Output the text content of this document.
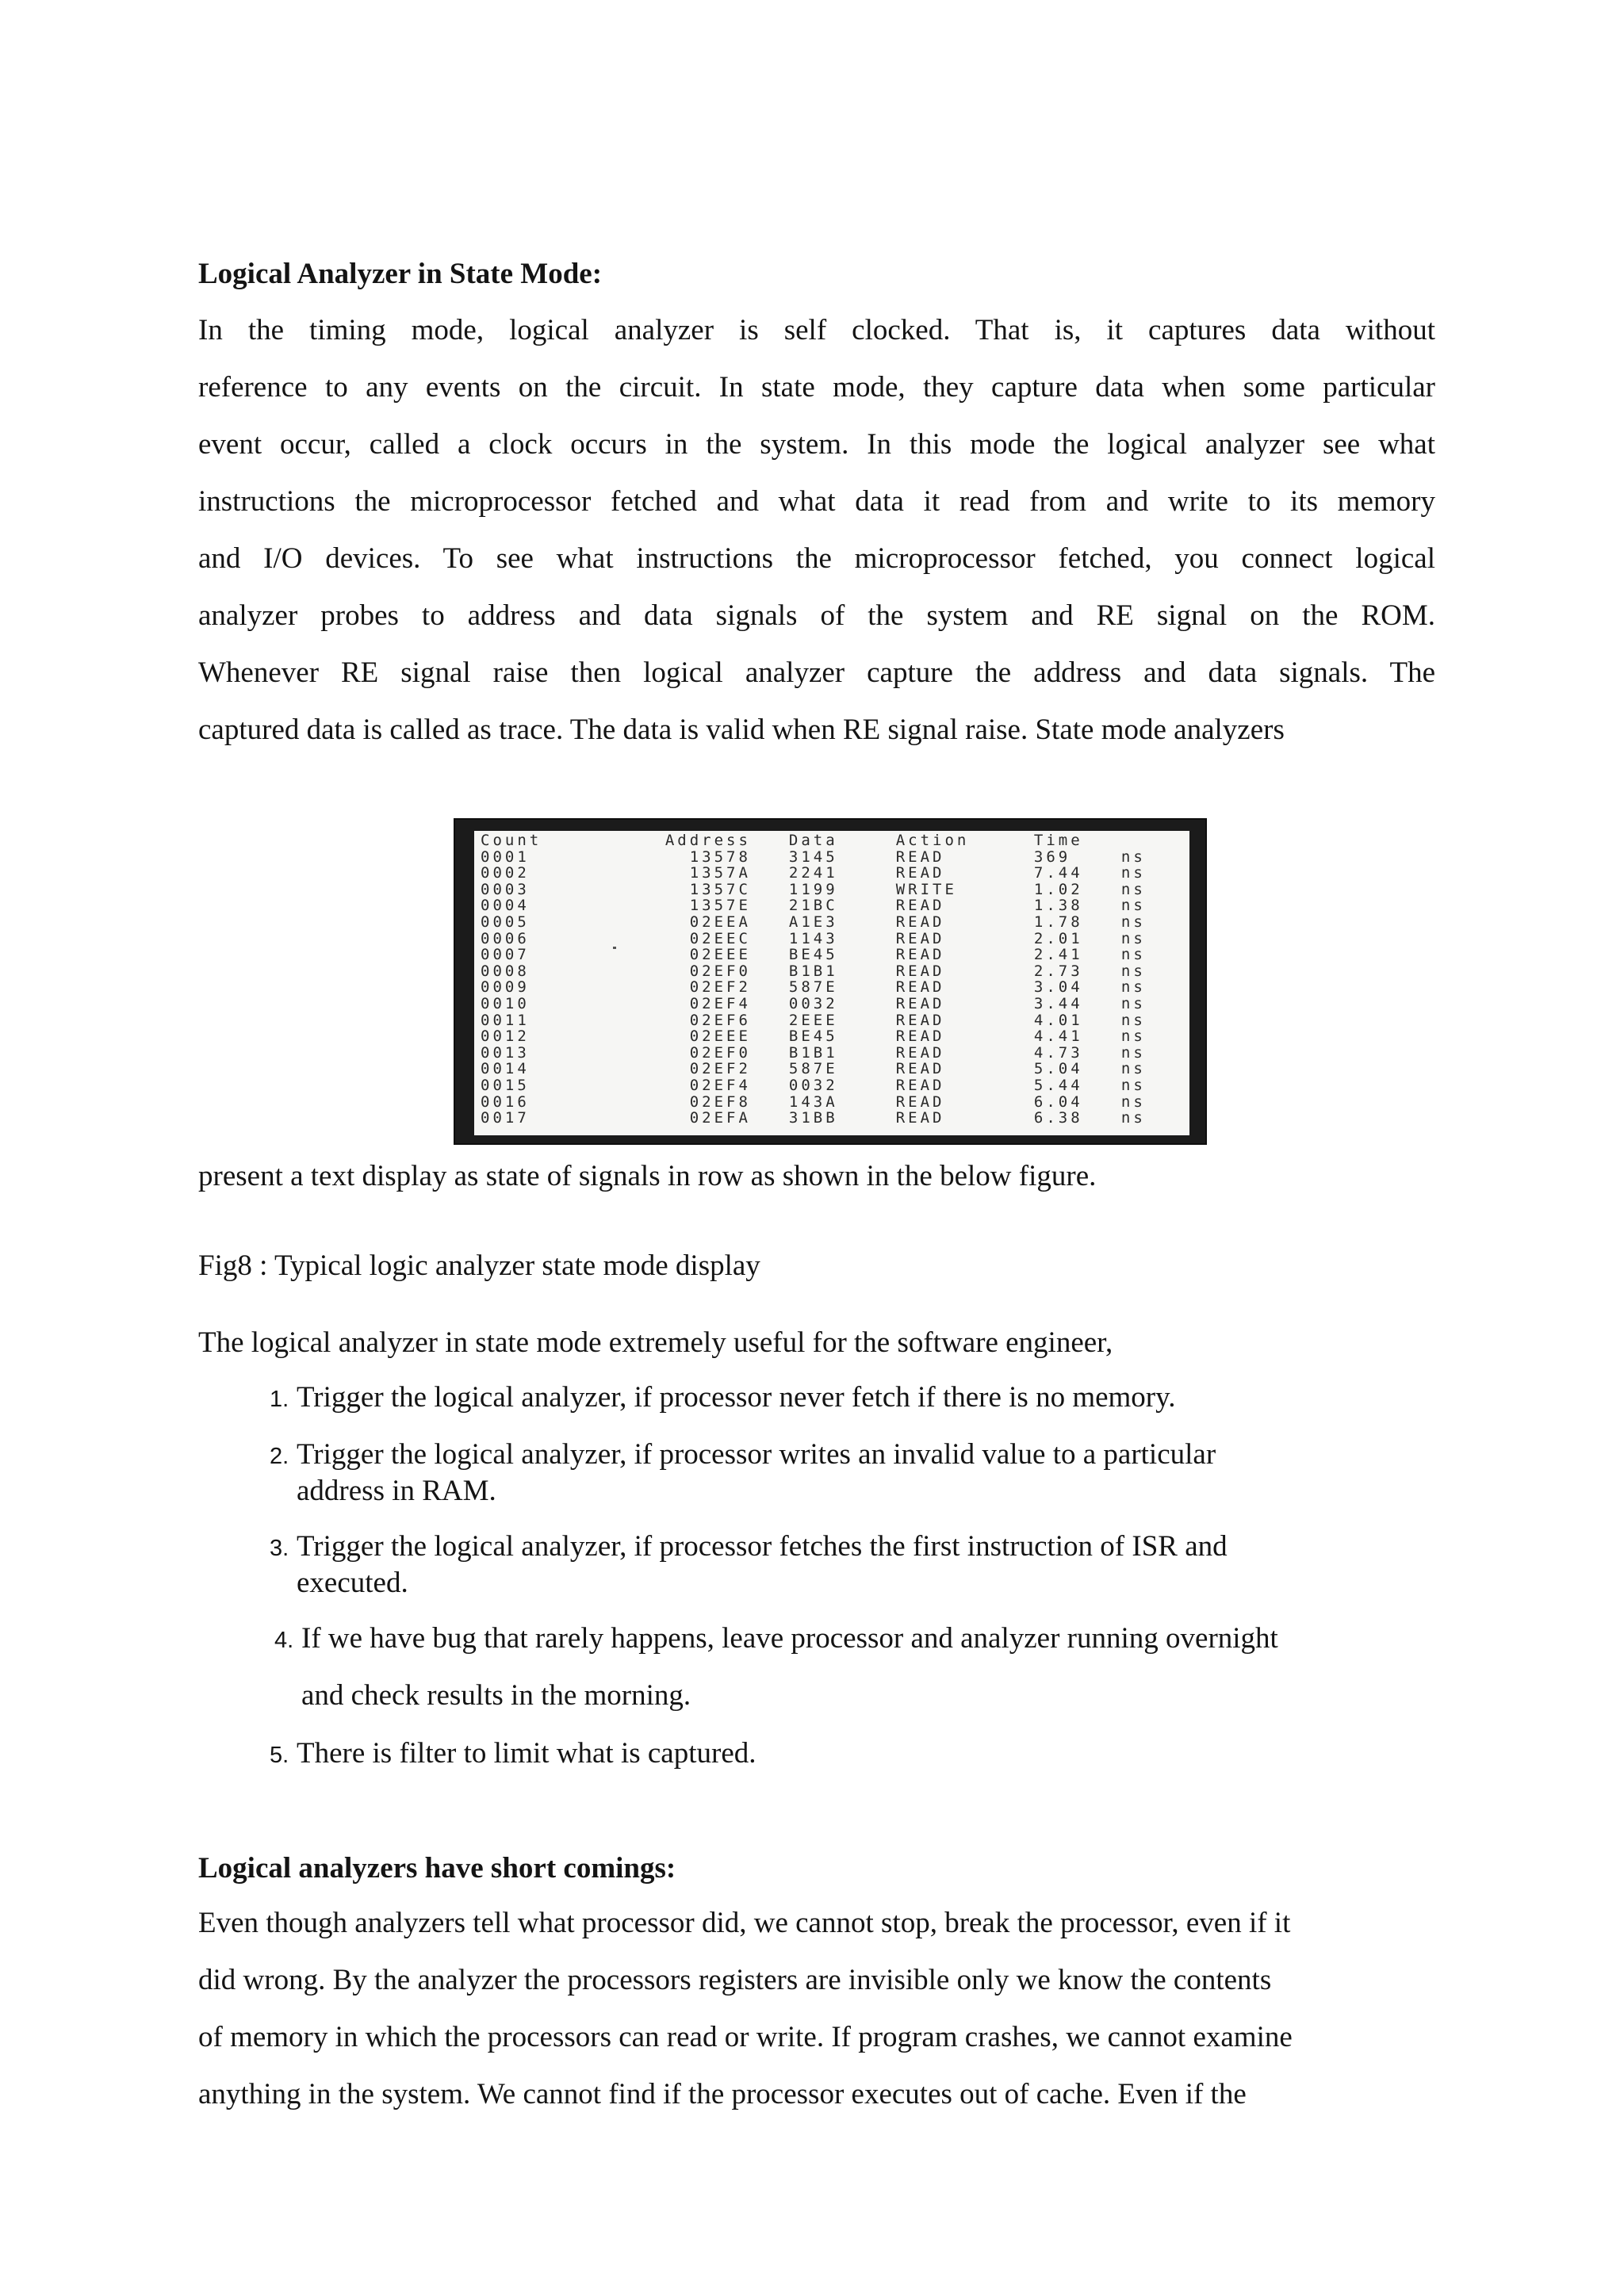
Logical Analyzer in State Mode:
In the timing mode, logical analyzer is self clocked. That is, it captures data without
reference to any events on the circuit. In state mode, they capture data when some particular
event occur, called a clock occurs in the system. In this mode the logical analyzer see what
instructions the microprocessor fetched and what data it read from and write to its memory
and I/O devices. To see what instructions the microprocessor fetched, you connect logical
analyzer probes to address and data signals of the system and RE signal on the ROM.
Whenever RE signal raise then logical analyzer capture the address and data signals. The
captured data is called as trace. The data is valid when RE signal raise. State mode analyzers

present a text display as state of signals in row as shown in the below figure.

Fig8 : Typical logic analyzer state mode display

The logical analyzer in state mode extremely useful for the software engineer,

1. Trigger the logical analyzer, if processor never fetch if there is no memory.
2. Trigger the logical analyzer, if processor writes an invalid value to a particular
address in RAM.
3. Trigger the logical analyzer, if processor fetches the first instruction of ISR and
executed.
4. If we have bug that rarely happens, leave processor and analyzer running overnight
and check results in the morning.
5. There is filter to limit what is captured.
Logical analyzers have short comings:
Even though analyzers tell what processor did, we cannot stop, break the processor, even if it
did wrong. By the analyzer the processors registers are invisible only we know the contents
of memory in which the processors can read or write. If program crashes, we cannot examine
anything in the system. We cannot find if the processor executes out of cache. Even if the
Count	Address	Data	Action	Time
0001	13578	3145	READ	369 ns
0002	1357A	2241	READ	7.44 ns
0003	1357C	1199	WRITE	1.02 ns
0004	1357E	21BC	READ	1.38 ns
0005	02EEA	A1E3	READ	1.78 ns
0006	02EEC	1143	READ	2.01 ns
0007	02EEE	BE45	READ	2.41 ns
0008	02EF0	B1B1	READ	2.73 ns
0009	02EF2	587E	READ	3.04 ns
0010	02EF4	0032	READ	3.44 ns
0011	02EF6	2EEE	READ	4.01 ns
0012	02EEE	BE45	READ	4.41 ns
0013	02EF0	B1B1	READ	4.73 ns
0014	02EF2	587E	READ	5.04 ns
0015	02EF4	0032	READ	5.44 ns
0016	02EF8	143A	READ	6.04 ns
0017	02EFA	31BB	READ	6.38 ns
